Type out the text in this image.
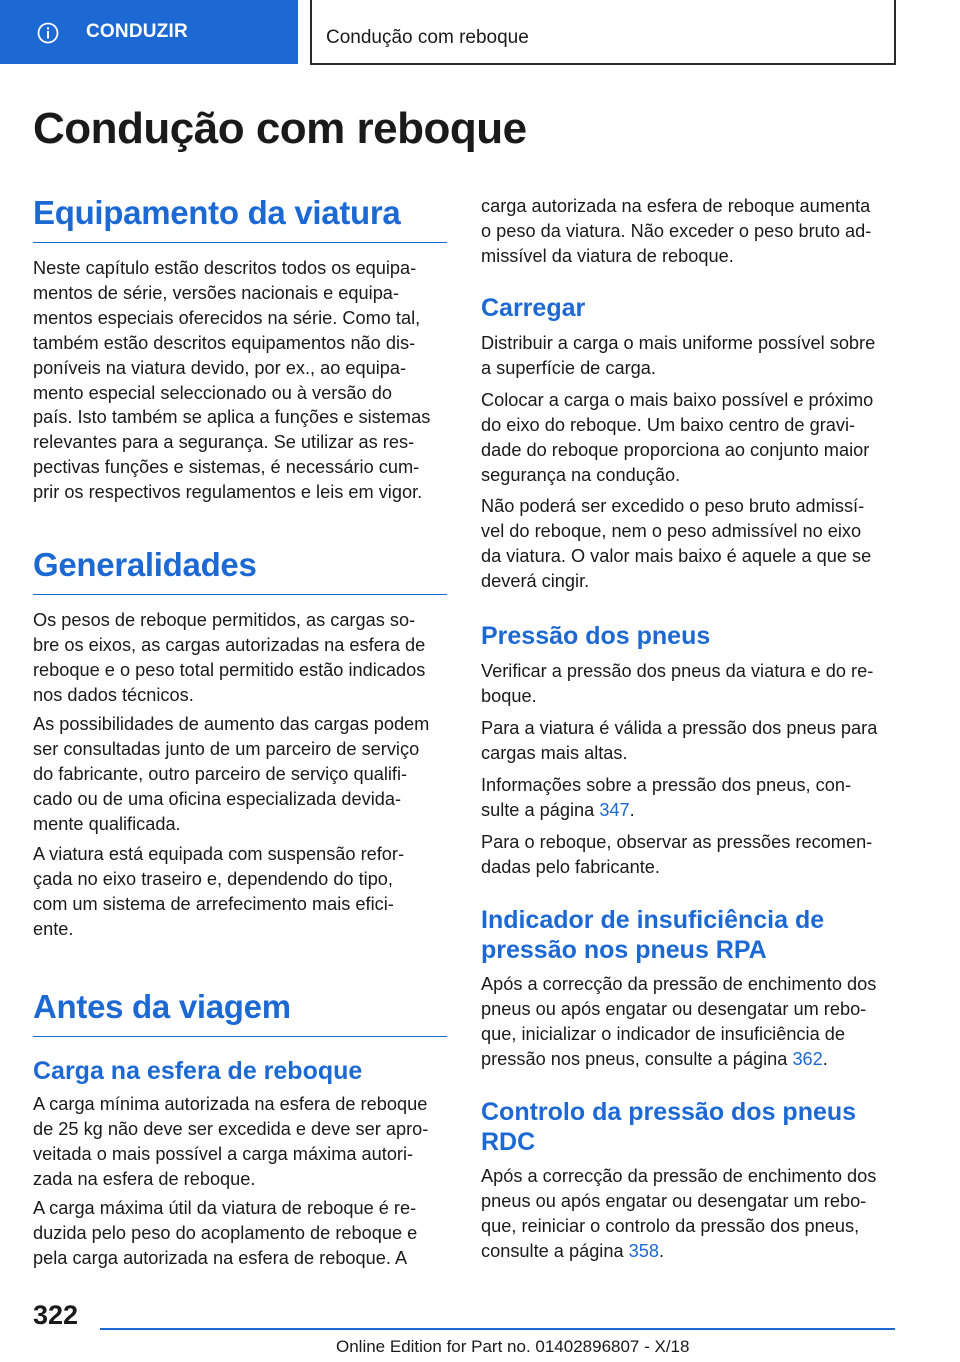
CONDUZIR	Condução com reboque
Condução com reboque
Equipamento da viatura
Neste capítulo estão descritos todos os equipa-
mentos de série, versões nacionais e equipa-
mentos especiais oferecidos na série. Como tal,
também estão descritos equipamentos não dis-
poníveis na viatura devido, por ex., ao equipa-
mento especial seleccionado ou à versão do
país. Isto também se aplica a funções e sistemas
relevantes para a segurança. Se utilizar as res-
pectivas funções e sistemas, é necessário cum-
prir os respectivos regulamentos e leis em vigor.
Generalidades
Os pesos de reboque permitidos, as cargas so-
bre os eixos, as cargas autorizadas na esfera de
reboque e o peso total permitido estão indicados
nos dados técnicos.
As possibilidades de aumento das cargas podem
ser consultadas junto de um parceiro de serviço
do fabricante, outro parceiro de serviço qualifi-
cado ou de uma oficina especializada devida-
mente qualificada.
A viatura está equipada com suspensão refor-
çada no eixo traseiro e, dependendo do tipo,
com um sistema de arrefecimento mais efici-
ente.
Antes da viagem
Carga na esfera de reboque
A carga mínima autorizada na esfera de reboque
de 25 kg não deve ser excedida e deve ser apro-
veitada o mais possível a carga máxima autori-
zada na esfera de reboque.
A carga máxima útil da viatura de reboque é re-
duzida pelo peso do acoplamento de reboque e
pela carga autorizada na esfera de reboque. A
carga autorizada na esfera de reboque aumenta
o peso da viatura. Não exceder o peso bruto ad-
missível da viatura de reboque.
Carregar
Distribuir a carga o mais uniforme possível sobre
a superfície de carga.
Colocar a carga o mais baixo possível e próximo
do eixo do reboque. Um baixo centro de gravi-
dade do reboque proporciona ao conjunto maior
segurança na condução.
Não poderá ser excedido o peso bruto admissí-
vel do reboque, nem o peso admissível no eixo
da viatura. O valor mais baixo é aquele a que se
deverá cingir.
Pressão dos pneus
Verificar a pressão dos pneus da viatura e do re-
boque.
Para a viatura é válida a pressão dos pneus para
cargas mais altas.
Informações sobre a pressão dos pneus, con-
sulte a página 347.
Para o reboque, observar as pressões recomen-
dadas pelo fabricante.
Indicador de insuficiência de
pressão nos pneus RPA
Após a correcção da pressão de enchimento dos
pneus ou após engatar ou desengatar um rebo-
que, inicializar o indicador de insuficiência de
pressão nos pneus, consulte a página 362.
Controlo da pressão dos pneus
RDC
Após a correcção da pressão de enchimento dos
pneus ou após engatar ou desengatar um rebo-
que, reiniciar o controlo da pressão dos pneus,
consulte a página 358.
322
Online Edition for Part no. 01402896807 - X/18
